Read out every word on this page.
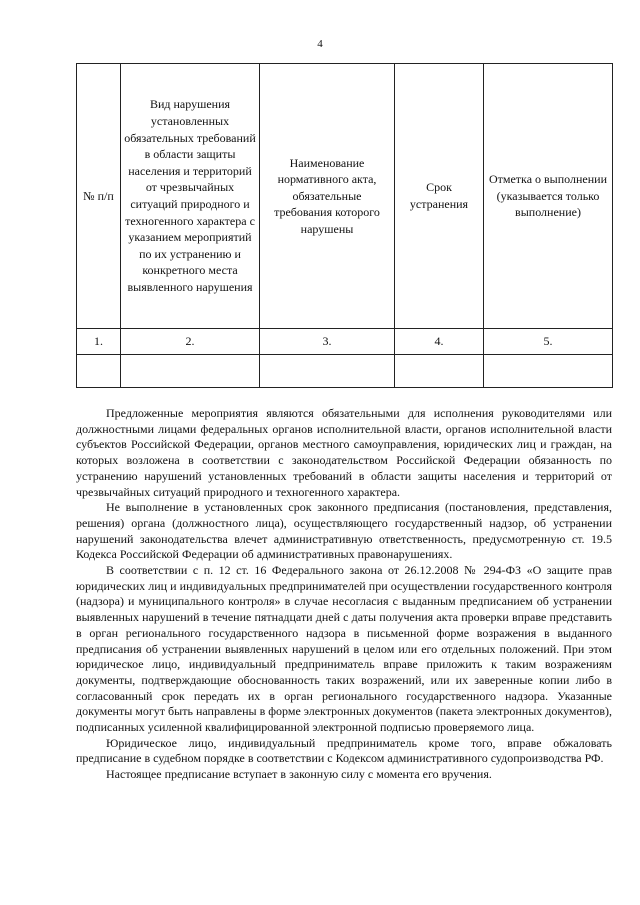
4
№ п/п	Вид нарушения установленных обязательных требований в области защиты населения и территорий от чрезвычайных ситуаций природного и техногенного характера с указанием мероприятий по их устранению и конкретного места выявленного нарушения	Наименование нормативного акта, обязательные требования которого нарушены	Срок устранения	Отметка о выполнении (указывается только выполнение)
1.	2.	3.	4.	5.

Предложенные мероприятия являются обязательными для исполнения руководителями или должностными лицами федеральных органов исполнительной власти, органов исполнительной власти субъектов Российской Федерации, органов местного самоуправления, юридических лиц и граждан, на которых возложена в соответствии с законодательством Российской Федерации обязанность по устранению нарушений установленных требований в области защиты населения и территорий от чрезвычайных ситуаций природного и техногенного характера.

Не выполнение в установленных срок законного предписания (постановления, представления, решения) органа (должностного лица), осуществляющего государственный надзор, об устранении нарушений законодательства влечет административную ответственность, предусмотренную ст. 19.5 Кодекса Российской Федерации об административных правонарушениях.

В соответствии с п. 12 ст. 16 Федерального закона от 26.12.2008 № 294-ФЗ «О защите прав юридических лиц и индивидуальных предпринимателей при осуществлении государственного контроля (надзора) и муниципального контроля» в случае несогласия с выданным предписанием об устранении выявленных нарушений в течение пятнадцати дней с даты получения акта проверки вправе представить в орган регионального государственного надзора в письменной форме возражения в выданного предписания об устранении выявленных нарушений в целом или его отдельных положений. При этом юридическое лицо, индивидуальный предприниматель вправе приложить к таким возражениям документы, подтверждающие обоснованность таких возражений, или их заверенные копии либо в согласованный срок передать их в орган регионального государственного надзора. Указанные документы могут быть направлены в форме электронных документов (пакета электронных документов), подписанных усиленной квалифицированной электронной подписью проверяемого лица.

Юридическое лицо, индивидуальный предприниматель кроме того, вправе обжаловать предписание в судебном порядке в соответствии с Кодексом административного судопроизводства РФ.

Настоящее предписание вступает в законную силу с момента его вручения.
